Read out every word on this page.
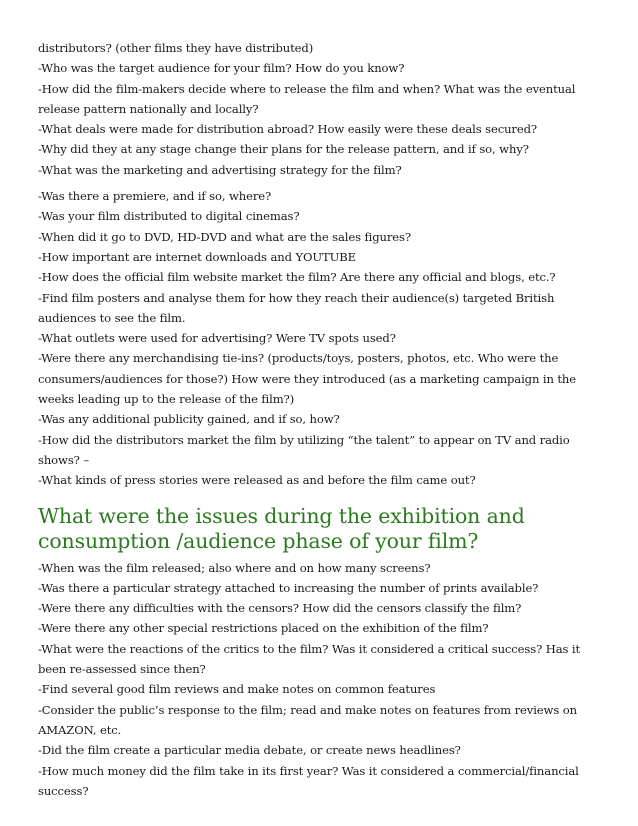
distributors? (other films they have distributed)

-Who was the target audience for your film? How do you know?

-How did the film-makers decide where to release the film and when? What was the eventual release pattern nationally and locally?

-What deals were made for distribution abroad? How easily were these deals secured?

-Why did they at any stage change their plans for the release pattern, and if so, why?

-What was the marketing and advertising strategy for the film?

-Was there a premiere, and if so, where?

-Was your film distributed to digital cinemas?

-When did it go to DVD, HD-DVD and what are the sales figures?

-How important are internet downloads and YOUTUBE

-How does the official film website market the film? Are there any official and blogs, etc.?

-Find film posters and analyse them for how they reach their audience(s) targeted British audiences to see the film.

-What outlets were used for advertising? Were TV spots used?

-Were there any merchandising tie-ins? (products/toys, posters, photos, etc. Who were the consumers/audiences for those?) How were they introduced (as a marketing campaign in the weeks leading up to the release of the film?)

-Was any additional publicity gained, and if so, how?

-How did the distributors market the film by utilizing “the talent” to appear on TV and radio shows? –

-What kinds of press stories were released as and before the film came out?

What were the issues during the exhibition and consumption /audience phase of your film?

-When was the film released; also where and on how many screens?

-Was there a particular strategy attached to increasing the number of prints available?

-Were there any difficulties with the censors? How did the censors classify the film?

-Were there any other special restrictions placed on the exhibition of the film?

-What were the reactions of the critics to the film? Was it considered a critical success? Has it been re-assessed since then?

-Find several good film reviews and make notes on common features

-Consider the public’s response to the film; read and make notes on features from reviews on AMAZON, etc.

-Did the film create a particular media debate, or create news headlines?

-How much money did the film take in its first year? Was it considered a commercial/financial success?
